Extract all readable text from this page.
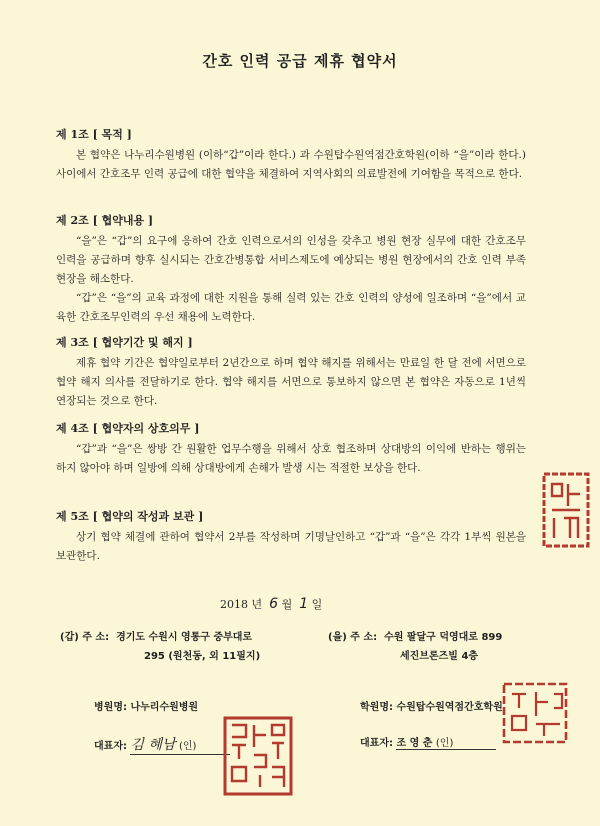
간호 인력 공급 제휴 협약서
제 1조 [ 목적 ]

본 협약은 나누리수원병원 (이하“갑”이라 한다.) 과 수원탑수원역점간호학원(이하 “을”이라 한다.) 사이에서 간호조무 인력 공급에 대한 협약을 체결하여 지역사회의 의료발전에 기여함을 목적으로 한다.

제 2조 [ 협약내용 ]

“을”은 “갑”의 요구에 응하여 간호 인력으로서의 인성을 갖추고 병원 현장 실무에 대한 간호조무 인력을 공급하며 향후 실시되는 간호간병통합 서비스제도에 예상되는 병원 현장에서의 간호 인력 부족 현장을 해소한다.

“갑”은 “을”의 교육 과정에 대한 지원을 통해 실력 있는 간호 인력의 양성에 일조하며 “을”에서 교육한 간호조무인력의 우선 채용에 노력한다.

제 3조 [ 협약기간 및 해지 ]

제휴 협약 기간은 협약일로부터 2년간으로 하며 협약 해지를 위해서는 만료일 한 달 전에 서면으로 협약 해지 의사를 전달하기로 한다. 협약 해지를 서면으로 통보하지 않으면 본 협약은 자동으로 1년씩 연장되는 것으로 한다.

제 4조 [ 협약자의 상호의무 ]

“갑”과 “을”은 쌍방 간 원활한 업무수행을 위해서 상호 협조하며 상대방의 이익에 반하는 행위는 하지 않아야 하며 일방에 의해 상대방에게 손해가 발생 시는 적절한 보상을 한다.

제 5조 [ 협약의 작성과 보관 ]

상기 협약 체결에 관하여 협약서 2부를 작성하며 기명날인하고 “갑”과 “을”은 각각 1부씩 원본을 보관한다.

2018 년 6 월 1 일
(갑) 주 소: 경기도 수원시 영통구 중부대로
295 (원천동, 외 11필지)
(을) 주 소: 수원 팔달구 덕영대로 899
세진브론즈빌 4층
병원명: 나누리수원병원	학원명: 수원탑수원역점간호학원
대표자: 김 혜남 (인)	대표자: 조 영 춘 (인)
